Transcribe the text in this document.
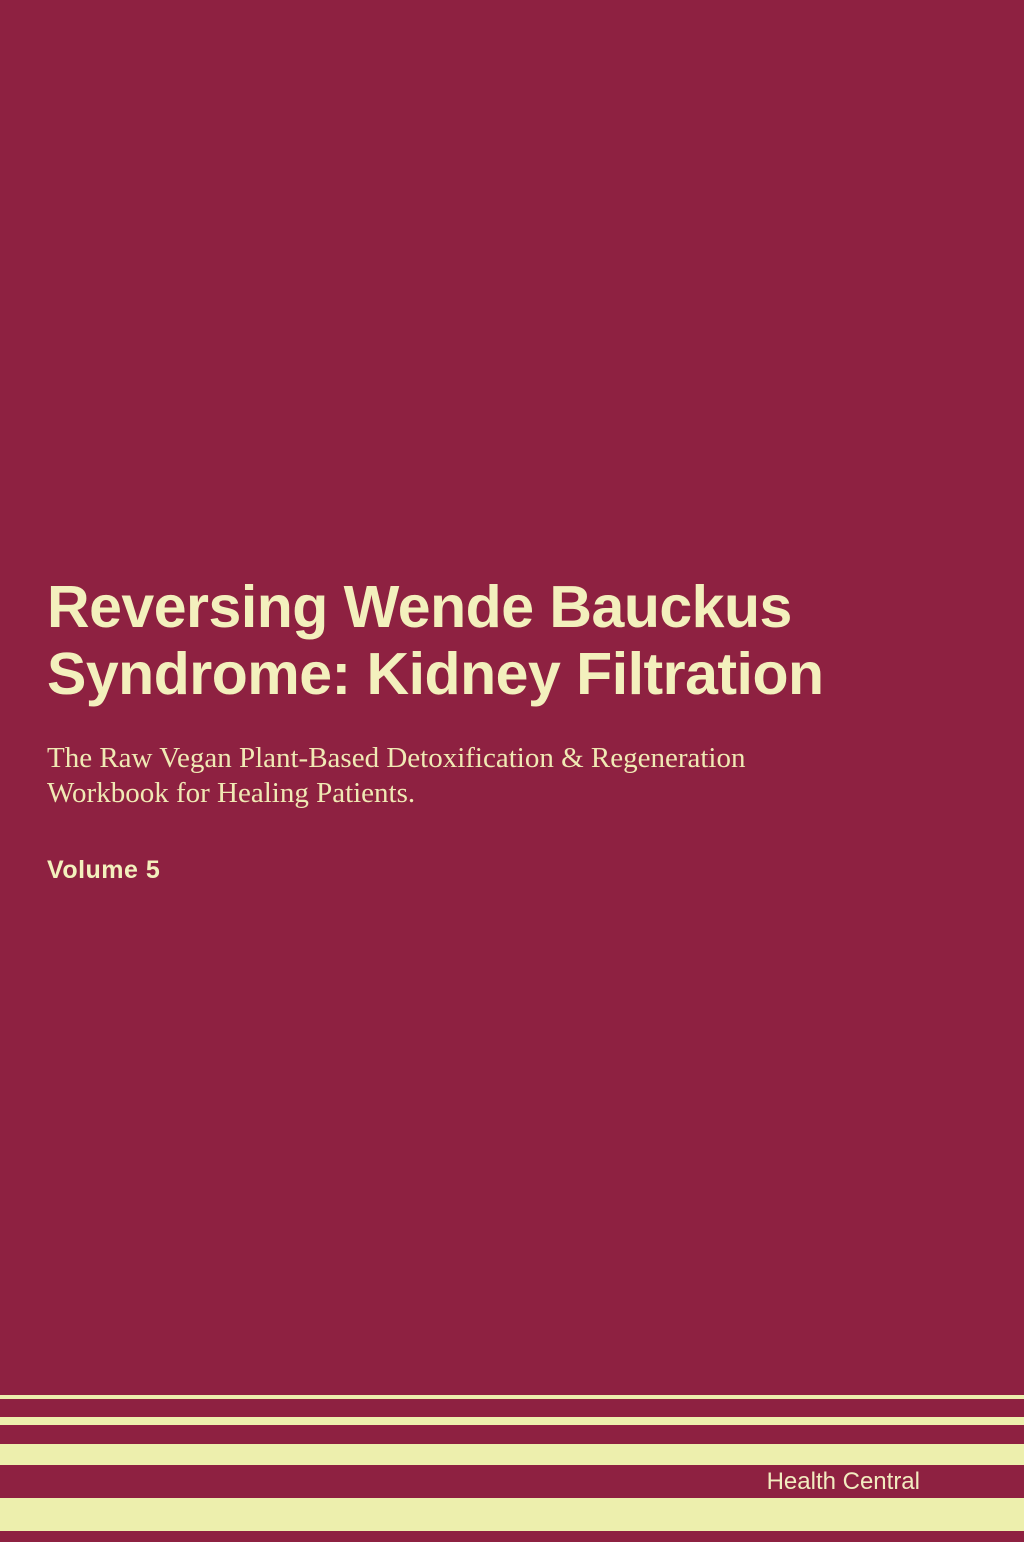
Reversing Wende Bauckus
Syndrome: Kidney Filtration

The Raw Vegan Plant-Based Detoxification & Regeneration
Workbook for Healing Patients.

Volume 5

Health Central
